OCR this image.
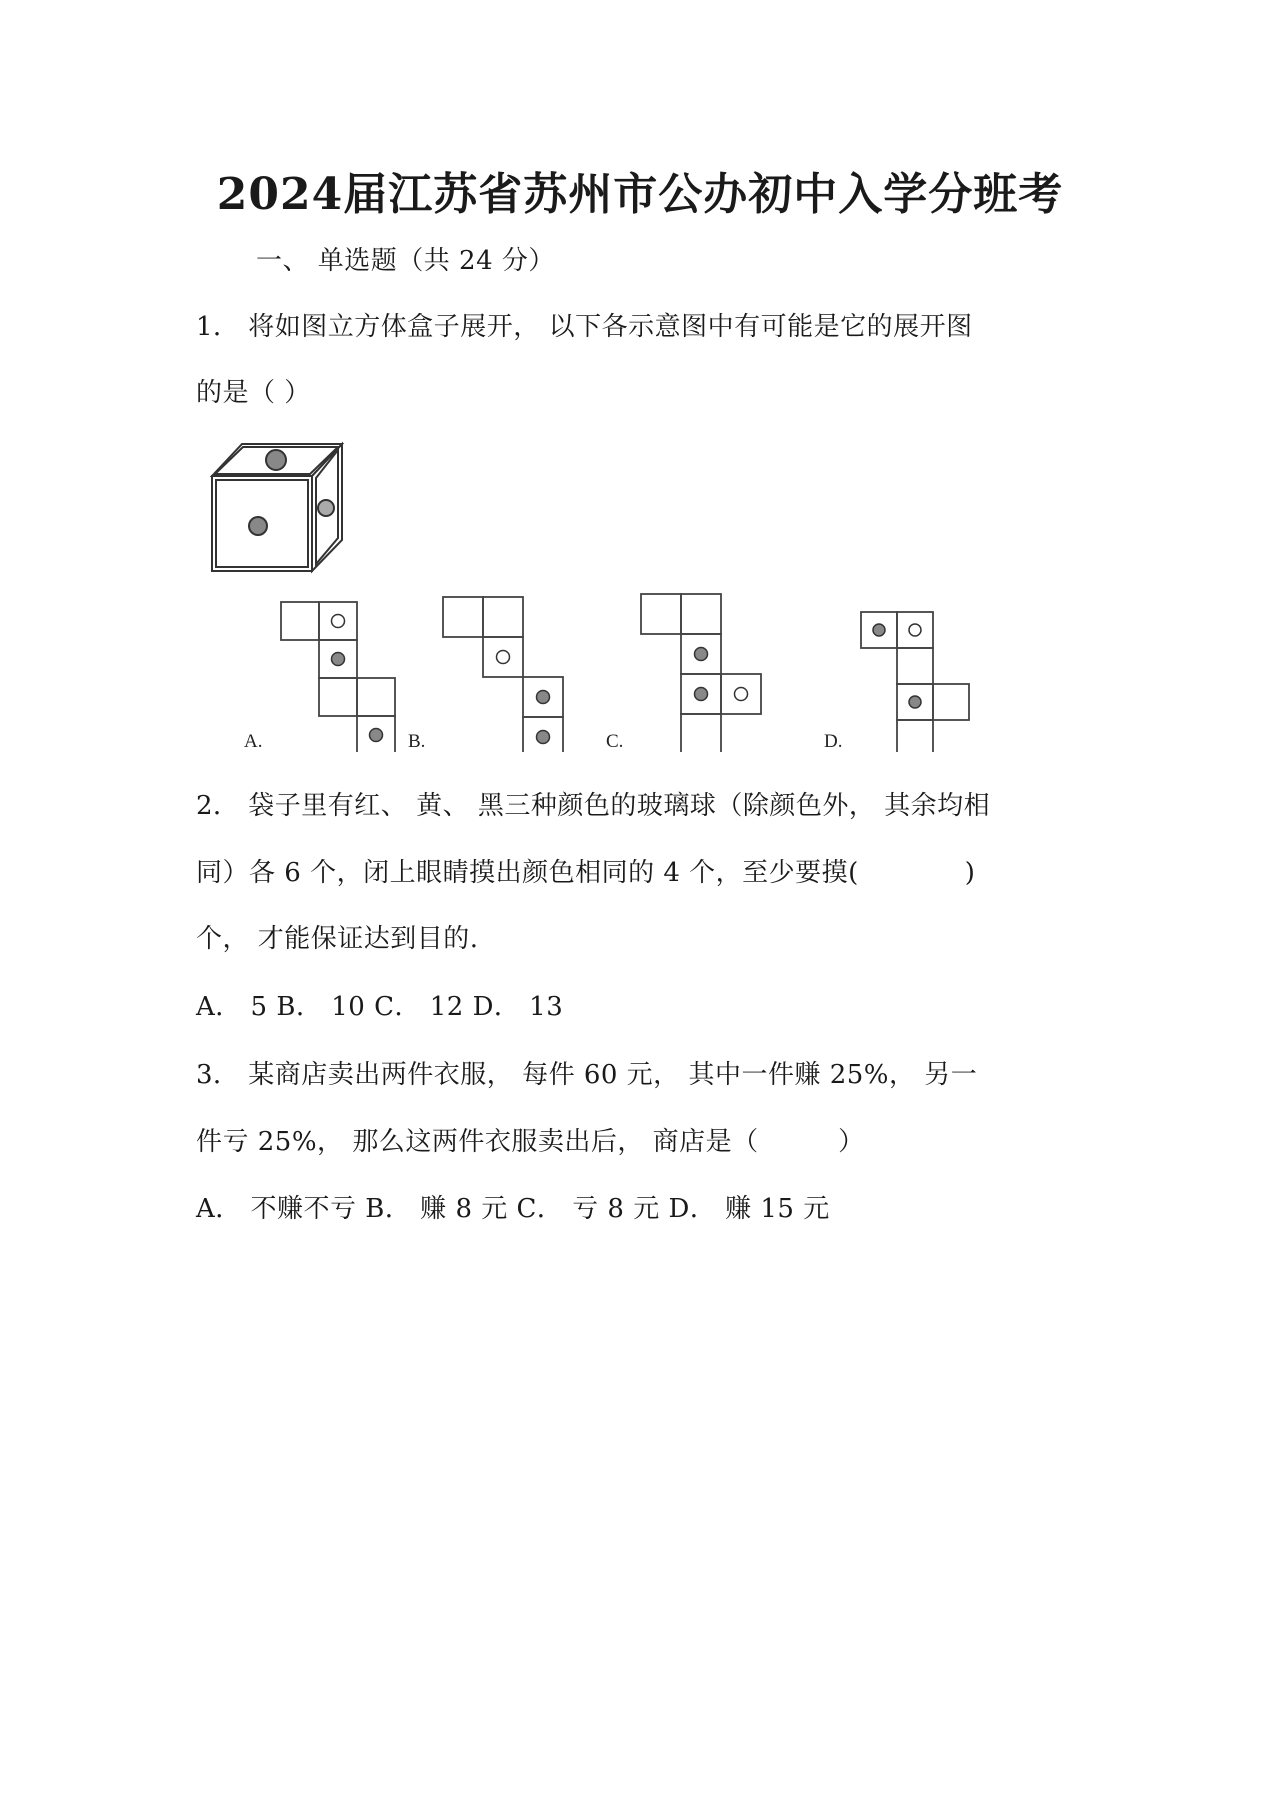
2024届江苏省苏州市公办初中入学分班考
一、 单选题（共 24 分）
1． 将如图立方体盒子展开， 以下各示意图中有可能是它的展开图
的是（ ）
A.	B.	C.	D.
2． 袋子里有红、 黄、 黑三种颜色的玻璃球（除颜色外， 其余均相
同）各 6 个，闭上眼睛摸出颜色相同的 4 个，至少要摸(　　　　)
个， 才能保证达到目的.
A． 5 B． 10 C． 12 D． 13
3． 某商店卖出两件衣服， 每件 60 元， 其中一件赚 25%， 另一
件亏 25%， 那么这两件衣服卖出后， 商店是（　　　）
A． 不赚不亏 B． 赚 8 元 C． 亏 8 元 D． 赚 15 元
